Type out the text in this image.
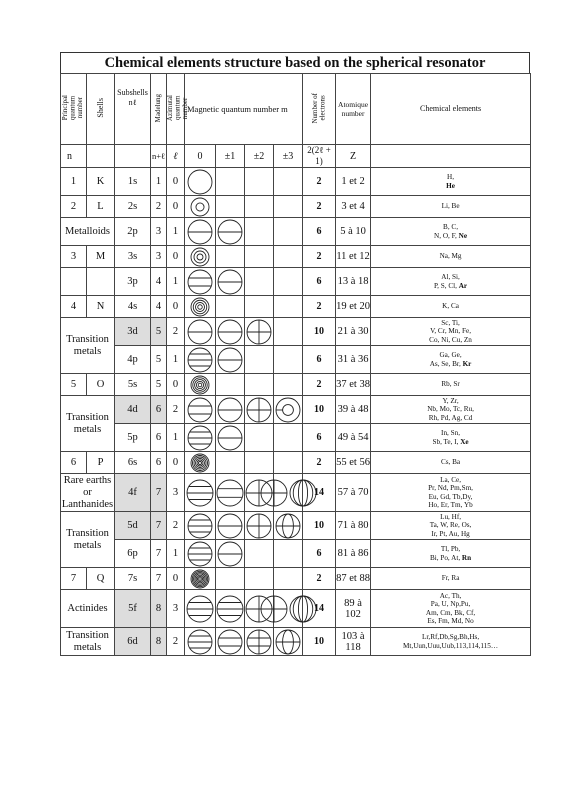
Chemical elements structure based on the spherical resonator
Principal
quantum
number	Shells	Subshells
nℓ	Madelung	Azimutal
quantum
number	Magnetic quantum number m				Number of
electrons	Atomique
number	Chemical elements
n			n+ℓ	ℓ	0	±1	±2	±3	2(2ℓ + 1)	Z	
1	K	1s	1	0					2	1 et 2	H,
He
2	L	2s	2	0					2	3 et 4	Li, Be
Metalloids		2p	3	1					6	5 à 10	B, C,
N, O, F, Ne
3	M	3s	3	0					2	11 et 12	Na, Mg
		3p	4	1					6	13 à 18	Al, Si,
P, S, Cl, Ar
4	N	4s	4	0					2	19 et 20	K, Ca
Transition
metals		3d	5	2					10	21 à 30	Sc, Ti,
V, Cr, Mn, Fe,
Co, Ni, Cu, Zn
		4p	5	1					6	31 à 36	Ga, Ge,
As, Se, Br, Kr
5	O	5s	5	0					2	37 et 38	Rb, Sr
Transition
metals		4d	6	2					10	39 à 48	Y, Zr,
Nb, Mo, Tc, Ru,
Rh, Pd, Ag, Cd
		5p	6	1					6	49 à 54	In, Sn,
Sb, Te, I, Xe
6	P	6s	6	0					2	55 et 56	Cs, Ba
Rare earths
or
Lanthanides		4f	7	3					14	57 à 70	La, Ce,
Pr, Nd, Pm,Sm,
Eu, Gd, Tb,Dy,
Ho, Er, Tm, Yb
Transition
metals		5d	7	2					10	71 à 80	Lu, Hf,
Ta, W, Re, Os,
Ir, Pt, Au, Hg
		6p	7	1					6	81 à 86	Tl, Pb,
Bi, Po, At, Rn
7	Q	7s	7	0					2	87 et 88	Fr, Ra
Actinides		5f	8	3					14	89 à
102	Ac, Th,
Pa, U, Np,Pu,
Am, Cm, Bk, Cf,
Es, Fm, Md, No
Transition
metals		6d	8	2					10	103 à
118	Lr,Rf,Db,Sg,Bh,Hs,
Mt,Uun,Uuu,Uub,113,114,115…
